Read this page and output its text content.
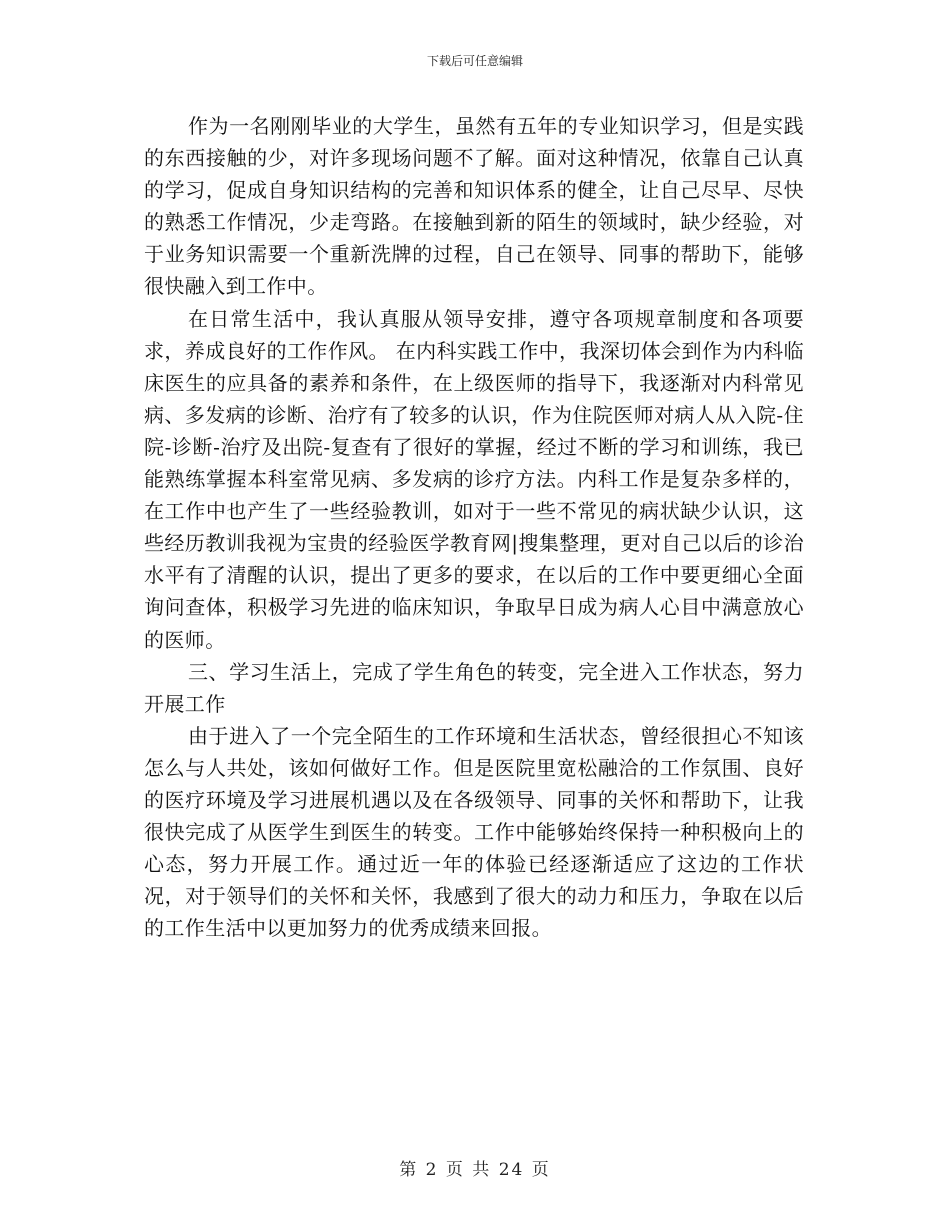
下载后可任意编辑

作为一名刚刚毕业的大学生，虽然有五年的专业知识学习，但是实践的东西接触的少，对许多现场问题不了解。面对这种情况，依靠自己认真的学习，促成自身知识结构的完善和知识体系的健全，让自己尽早、尽快的熟悉工作情况，少走弯路。在接触到新的陌生的领域时，缺少经验，对于业务知识需要一个重新洗牌的过程，自己在领导、同事的帮助下，能够很快融入到工作中。

在日常生活中，我认真服从领导安排，遵守各项规章制度和各项要求，养成良好的工作作风。 在内科实践工作中，我深切体会到作为内科临床医生的应具备的素养和条件，在上级医师的指导下，我逐渐对内科常见病、多发病的诊断、治疗有了较多的认识，作为住院医师对病人从入院-住院-诊断-治疗及出院-复查有了很好的掌握，经过不断的学习和训练，我已能熟练掌握本科室常见病、多发病的诊疗方法。内科工作是复杂多样的，在工作中也产生了一些经验教训，如对于一些不常见的病状缺少认识，这些经历教训我视为宝贵的经验医学教育网|搜集整理，更对自己以后的诊治水平有了清醒的认识，提出了更多的要求，在以后的工作中要更细心全面询问查体，积极学习先进的临床知识，争取早日成为病人心目中满意放心的医师。

三、学习生活上，完成了学生角色的转变，完全进入工作状态，努力开展工作

由于进入了一个完全陌生的工作环境和生活状态，曾经很担心不知该怎么与人共处，该如何做好工作。但是医院里宽松融洽的工作氛围、良好的医疗环境及学习进展机遇以及在各级领导、同事的关怀和帮助下，让我很快完成了从医学生到医生的转变。工作中能够始终保持一种积极向上的心态，努力开展工作。通过近一年的体验已经逐渐适应了这边的工作状况，对于领导们的关怀和关怀，我感到了很大的动力和压力，争取在以后的工作生活中以更加努力的优秀成绩来回报。

第 2 页 共 24 页
